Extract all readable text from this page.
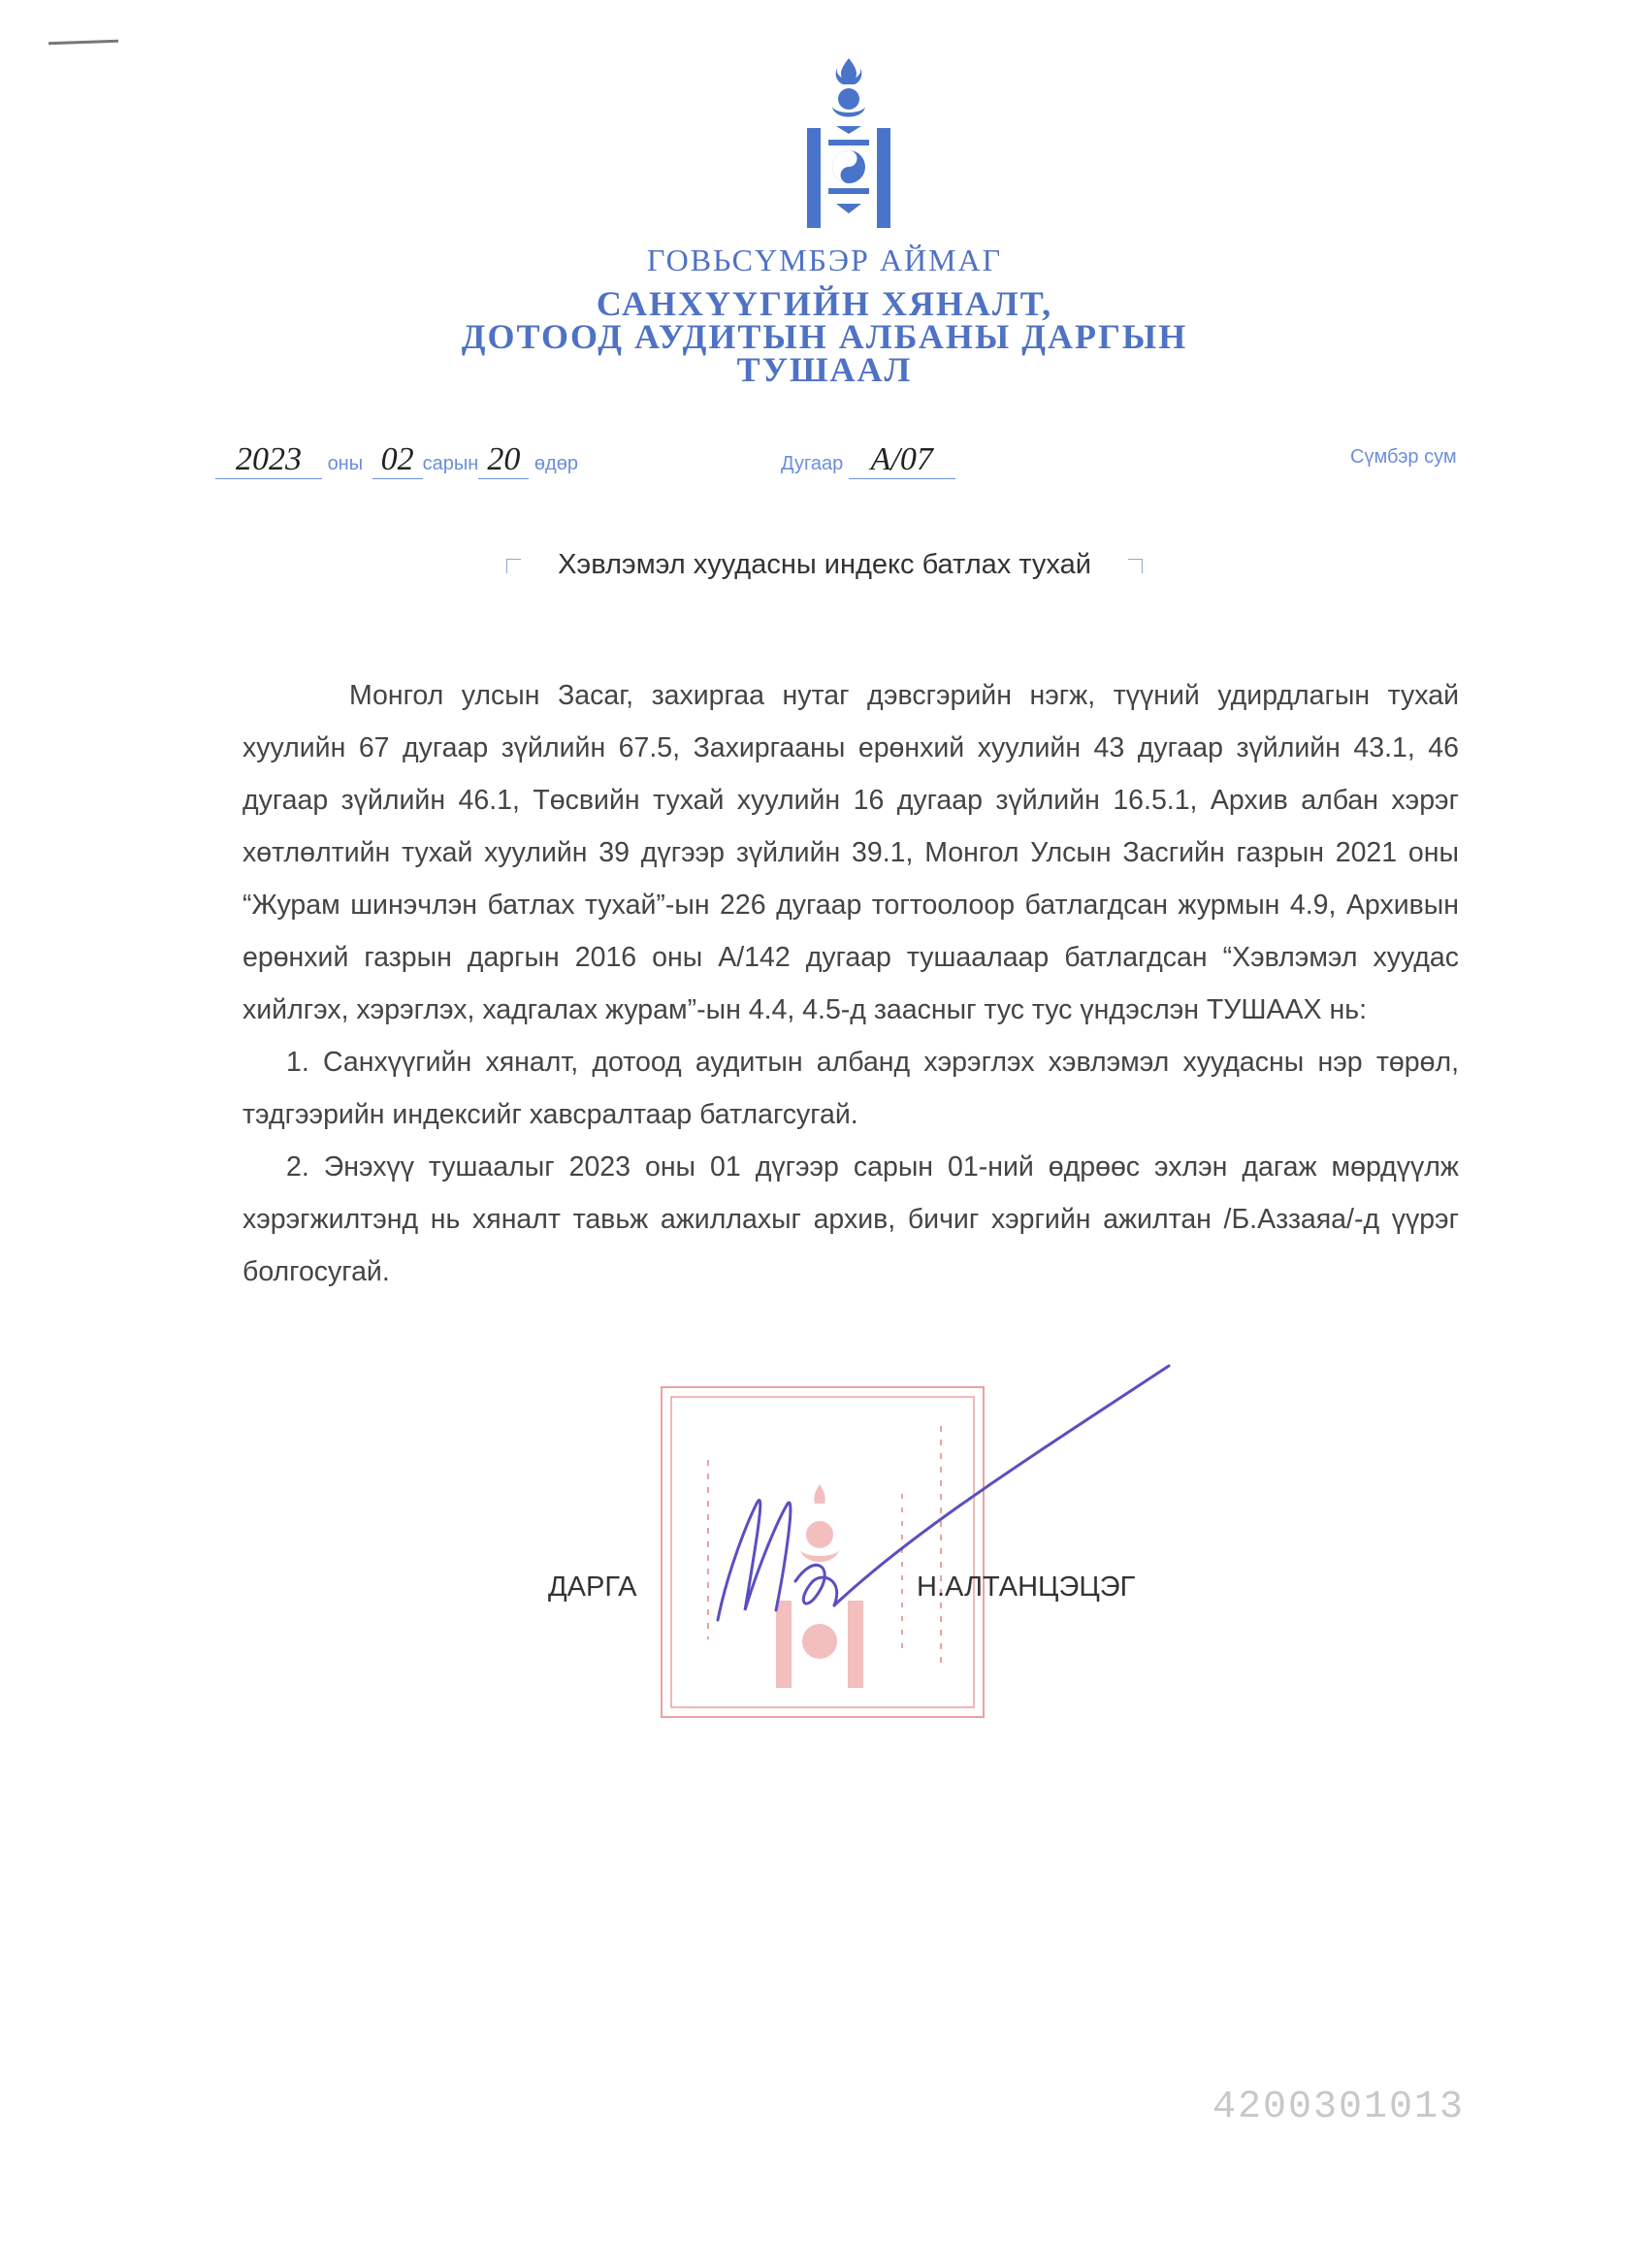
ГОВЬСҮМБЭР АЙМАГ
САНХҮҮГИЙН ХЯНАЛТ,
ДОТООД АУДИТЫН АЛБАНЫ ДАРГЫН
ТУШААЛ
2023 оны 02 сарын 20 өдөр	Дугаар А/07	Сүмбэр сум
Хэвлэмэл хуудасны индекс батлах тухай

Монгол улсын Засаг, захиргаа нутаг дэвсгэрийн нэгж, түүний удирдлагын тухай хуулийн 67 дугаар зүйлийн 67.5, Захиргааны ерөнхий хуулийн 43 дугаар зүйлийн 43.1, 46 дугаар зүйлийн 46.1, Төсвийн тухай хуулийн 16 дугаар зүйлийн 16.5.1, Архив албан хэрэг хөтлөлтийн тухай хуулийн 39 дүгээр зүйлийн 39.1, Монгол Улсын Засгийн газрын 2021 оны “Журам шинэчлэн батлах тухай”-ын 226 дугаар тогтоолоор батлагдсан журмын 4.9, Архивын ерөнхий газрын даргын 2016 оны А/142 дугаар тушаалаар батлагдсан “Хэвлэмэл хуудас хийлгэх, хэрэглэх, хадгалах журам”-ын 4.4, 4.5-д заасныг тус тус үндэслэн ТУШААХ нь:

1. Санхүүгийн хяналт, дотоод аудитын албанд хэрэглэх хэвлэмэл хуудасны нэр төрөл, тэдгээрийн индексийг хавсралтаар батлагсугай.

2. Энэхүү тушаалыг 2023 оны 01 дүгээр сарын 01-ний өдрөөс эхлэн дагаж мөрдүүлж хэрэгжилтэнд нь хяналт тавьж ажиллахыг архив, бичиг хэргийн ажилтан /Б.Аззаяа/-д үүрэг болгосугай.

ДАРГА	Н.АЛТАНЦЭЦЭГ
4200301013
